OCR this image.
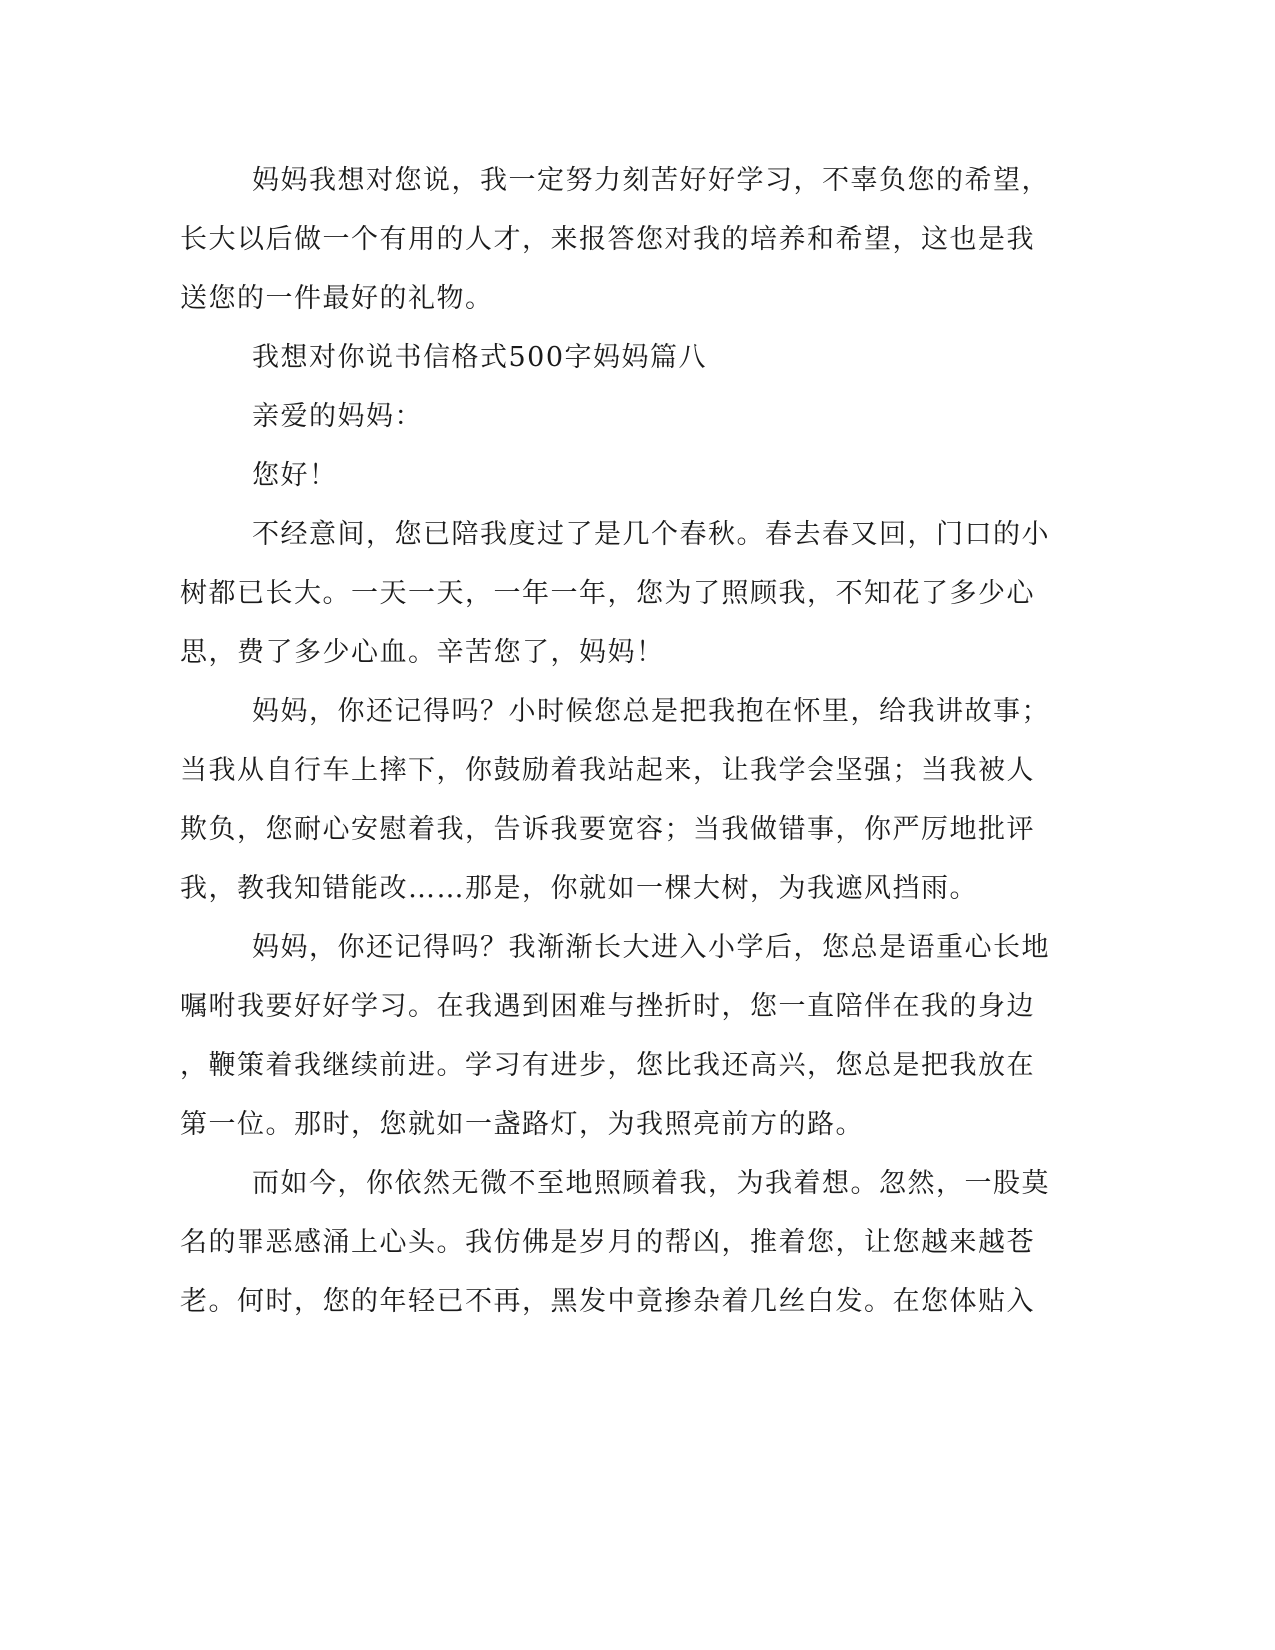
妈妈我想对您说，我一定努力刻苦好好学习，不辜负您的希望，
长大以后做一个有用的人才，来报答您对我的培养和希望，这也是我
送您的一件最好的礼物。
我想对你说书信格式500字妈妈篇八
亲爱的妈妈：
您好！
不经意间，您已陪我度过了是几个春秋。春去春又回，门口的小
树都已长大。一天一天，一年一年，您为了照顾我，不知花了多少心
思，费了多少心血。辛苦您了，妈妈！
妈妈，你还记得吗？小时候您总是把我抱在怀里，给我讲故事；
当我从自行车上摔下，你鼓励着我站起来，让我学会坚强；当我被人
欺负，您耐心安慰着我，告诉我要宽容；当我做错事，你严厉地批评
我，教我知错能改……那是，你就如一棵大树，为我遮风挡雨。
妈妈，你还记得吗？我渐渐长大进入小学后，您总是语重心长地
嘱咐我要好好学习。在我遇到困难与挫折时，您一直陪伴在我的身边
，鞭策着我继续前进。学习有进步，您比我还高兴，您总是把我放在
第一位。那时，您就如一盏路灯，为我照亮前方的路。
而如今，你依然无微不至地照顾着我，为我着想。忽然，一股莫
名的罪恶感涌上心头。我仿佛是岁月的帮凶，推着您，让您越来越苍
老。何时，您的年轻已不再，黑发中竟掺杂着几丝白发。在您体贴入
